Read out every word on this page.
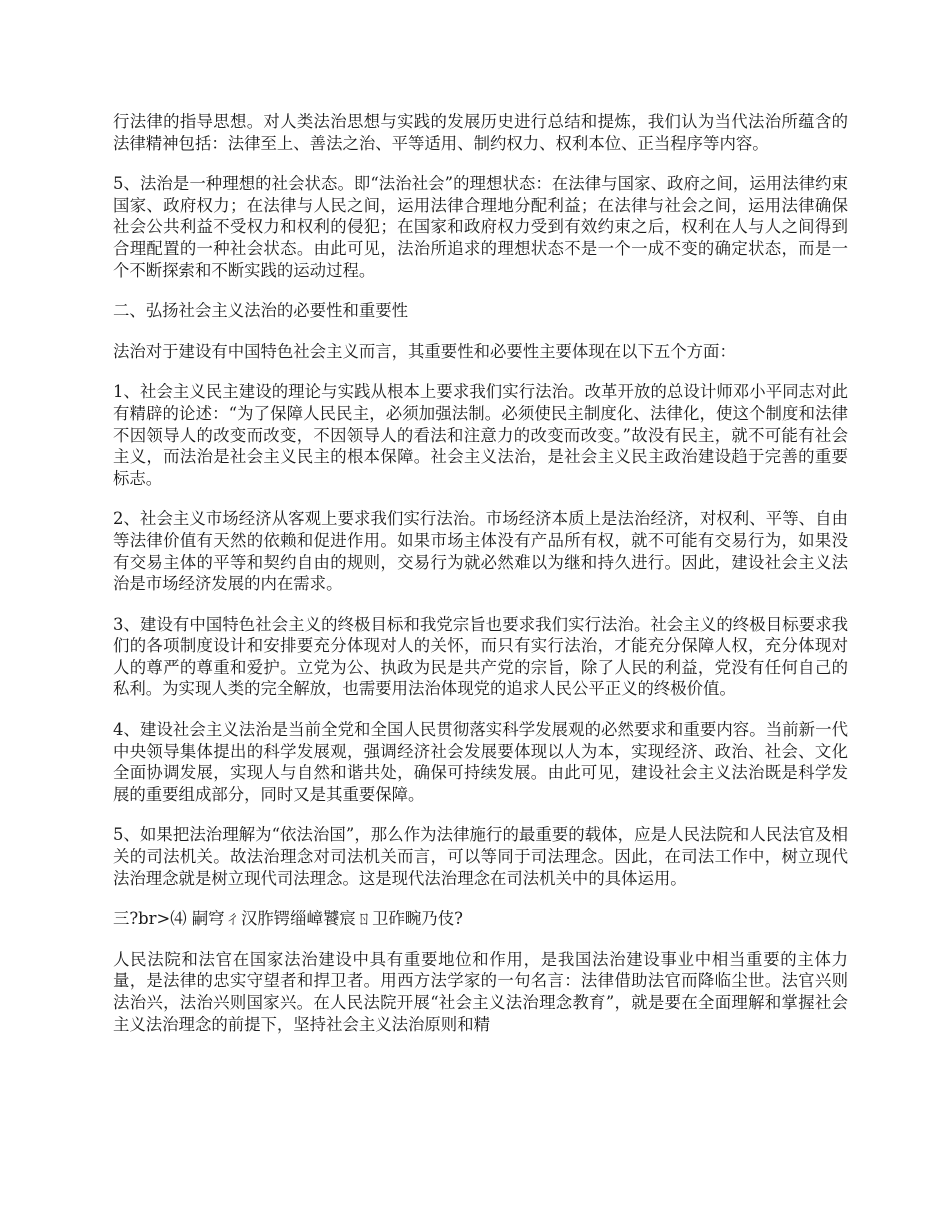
行法律的指导思想。对人类法治思想与实践的发展历史进行总结和提炼，我们认为当代法治所蕴含的法律精神包括：法律至上、善法之治、平等适用、制约权力、权利本位、正当程序等内容。

5、法治是一种理想的社会状态。即“法治社会”的理想状态：在法律与国家、政府之间，运用法律约束国家、政府权力；在法律与人民之间，运用法律合理地分配利益；在法律与社会之间，运用法律确保社会公共利益不受权力和权利的侵犯；在国家和政府权力受到有效约束之后，权利在人与人之间得到合理配置的一种社会状态。由此可见，法治所追求的理想状态不是一个一成不变的确定状态，而是一个不断探索和不断实践的运动过程。

二、弘扬社会主义法治的必要性和重要性

法治对于建设有中国特色社会主义而言，其重要性和必要性主要体现在以下五个方面：

1、社会主义民主建设的理论与实践从根本上要求我们实行法治。改革开放的总设计师邓小平同志对此有精辟的论述：“为了保障人民民主，必须加强法制。必须使民主制度化、法律化，使这个制度和法律不因领导人的改变而改变，不因领导人的看法和注意力的改变而改变。”故没有民主，就不可能有社会主义，而法治是社会主义民主的根本保障。社会主义法治，是社会主义民主政治建设趋于完善的重要标志。

2、社会主义市场经济从客观上要求我们实行法治。市场经济本质上是法治经济，对权利、平等、自由等法律价值有天然的依赖和促进作用。如果市场主体没有产品所有权，就不可能有交易行为，如果没有交易主体的平等和契约自由的规则，交易行为就必然难以为继和持久进行。因此，建设社会主义法治是市场经济发展的内在需求。

3、建设有中国特色社会主义的终极目标和我党宗旨也要求我们实行法治。社会主义的终极目标要求我们的各项制度设计和安排要充分体现对人的关怀，而只有实行法治，才能充分保障人权，充分体现对人的尊严的尊重和爱护。立党为公、执政为民是共产党的宗旨，除了人民的利益，党没有任何自己的私利。为实现人类的完全解放，也需要用法治体现党的追求人民公平正义的终极价值。

4、建设社会主义法治是当前全党和全国人民贯彻落实科学发展观的必然要求和重要内容。当前新一代中央领导集体提出的科学发展观，强调经济社会发展要体现以人为本，实现经济、政治、社会、文化全面协调发展，实现人与自然和谐共处，确保可持续发展。由此可见，建设社会主义法治既是科学发展的重要组成部分，同时又是其重要保障。

5、如果把法治理解为“依法治国”，那么作为法律施行的最重要的载体，应是人民法院和人民法官及相关的司法机关。故法治理念对司法机关而言，可以等同于司法理念。因此，在司法工作中，树立现代法治理念就是树立现代司法理念。这是现代法治理念在司法机关中的具体运用。

三?br>⑷ 嗣穹ㄔ汉胙锷缁嶂饕宸ㄖ卫砟畹乃伎?

人民法院和法官在国家法治建设中具有重要地位和作用，是我国法治建设事业中相当重要的主体力量，是法律的忠实守望者和捍卫者。用西方法学家的一句名言：法律借助法官而降临尘世。法官兴则法治兴，法治兴则国家兴。在人民法院开展“社会主义法治理念教育”，就是要在全面理解和掌握社会主义法治理念的前提下，坚持社会主义法治原则和精
